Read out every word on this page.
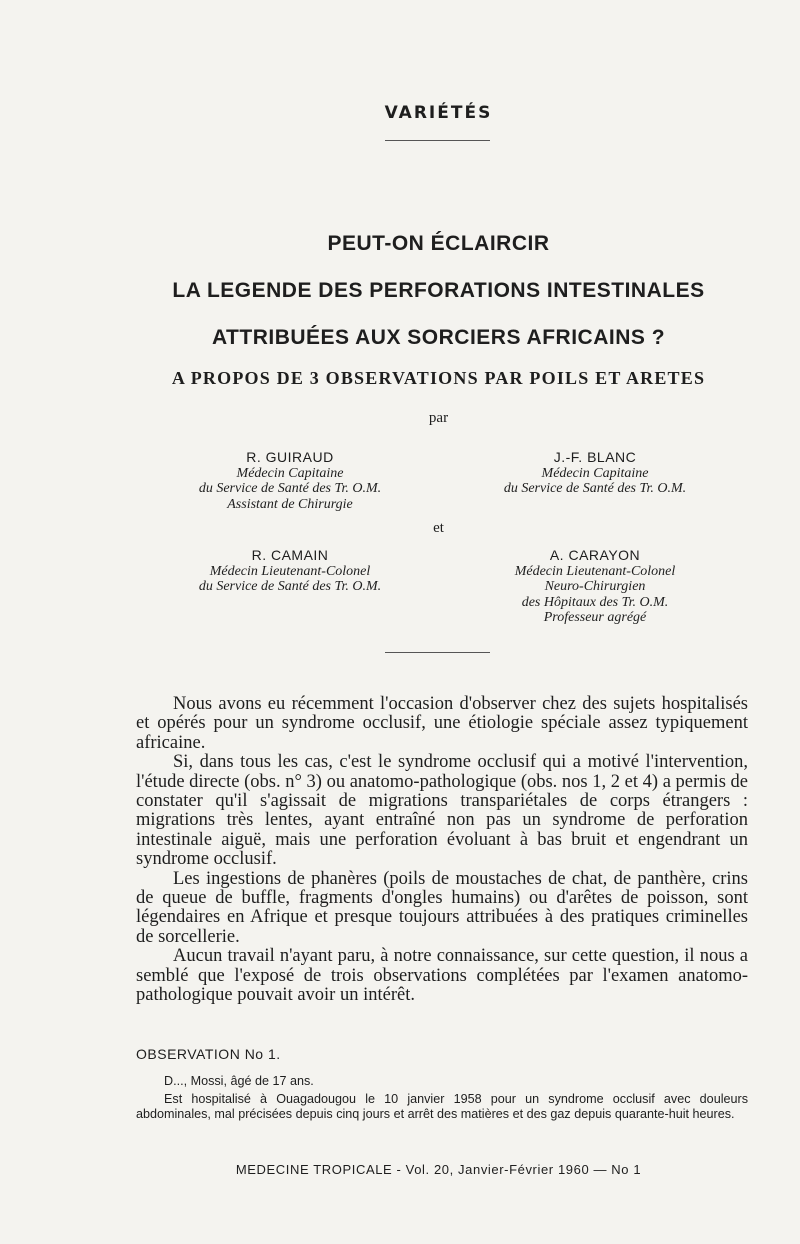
VARIÉTÉS
PEUT-ON ÉCLAIRCIR
LA LEGENDE DES PERFORATIONS INTESTINALES
ATTRIBUÉES AUX SORCIERS AFRICAINS ?
A PROPOS DE 3 OBSERVATIONS PAR POILS ET ARETES
par
R. GUIRAUD
Médecin Capitaine
du Service de Santé des Tr. O.M.
Assistant de Chirurgie
J.-F. BLANC
Médecin Capitaine
du Service de Santé des Tr. O.M.
et
R. CAMAIN
Médecin Lieutenant-Colonel
du Service de Santé des Tr. O.M.
A. CARAYON
Médecin Lieutenant-Colonel
Neuro-Chirurgien
des Hôpitaux des Tr. O.M.
Professeur agrégé

Nous avons eu récemment l'occasion d'observer chez des sujets hospitalisés et opérés pour un syndrome occlusif, une étiologie spéciale assez typiquement africaine.

Si, dans tous les cas, c'est le syndrome occlusif qui a motivé l'intervention, l'étude directe (obs. n° 3) ou anatomo-pathologique (obs. nos 1, 2 et 4) a permis de constater qu'il s'agissait de migrations transpariétales de corps étrangers : migrations très lentes, ayant entraîné non pas un syndrome de perforation intestinale aiguë, mais une perforation évoluant à bas bruit et engendrant un syndrome occlusif.

Les ingestions de phanères (poils de moustaches de chat, de panthère, crins de queue de buffle, fragments d'ongles humains) ou d'arêtes de poisson, sont légendaires en Afrique et presque toujours attribuées à des pratiques criminelles de sorcellerie.

Aucun travail n'ayant paru, à notre connaissance, sur cette question, il nous a semblé que l'exposé de trois observations complétées par l'examen anatomo-pathologique pouvait avoir un intérêt.

OBSERVATION No 1.

D..., Mossi, âgé de 17 ans.

Est hospitalisé à Ouagadougou le 10 janvier 1958 pour un syndrome occlusif avec douleurs abdominales, mal précisées depuis cinq jours et arrêt des matières et des gaz depuis quarante-huit heures.

MEDECINE TROPICALE - Vol. 20, Janvier-Février 1960 — No 1
